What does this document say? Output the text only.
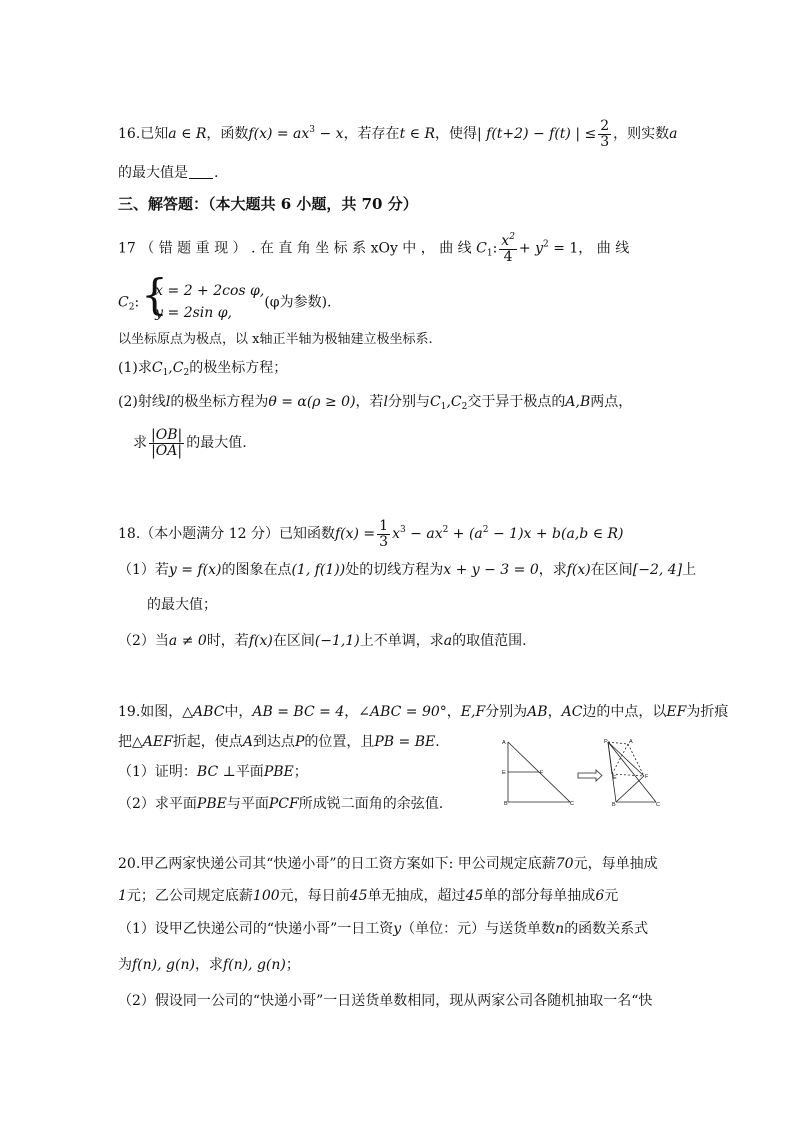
16.已知a ∈ R，函数$f(x) = ax^3 - x$，若存在t ∈ R，使得| f(t+2) − f(t) | ≤ $\frac{2}{3}$ ，则实数a
的最大值是 .
三、解答题：（本大题共 6 小题，共 70 分）
17 （ 错 题 重 现 ） . 在 直 角 坐 标 系 xOy 中 ， 曲 线 $C_1$: $\frac{x^2}{4} + y^2 = 1$， 曲 线
$C_2$: {
x = 2 + 2cos φ,
y = 2sin φ,
(φ为参数).
以坐标原点为极点，以 x轴正半轴为极轴建立极坐标系.
(1)求$C_1,C_2$的极坐标方程；
(2)射线l的极坐标方程为θ = α(ρ ≥ 0)，若l分别与$C_1,C_2$交于异于极点的A,B两点，
求 $\frac{|OB|}{|OA|}$ 的最大值.
18.（本小题满分 12 分）已知函数$f(x) = \frac{1}{3} x^3 - ax^2 + (a^2 - 1)x + b(a,b$ ∈ R)
（1）若y = f(x)的图象在点(1, f(1))处的切线方程为x + y − 3 = 0，求f(x)在区间[−2, 4]上
的最大值；
（2）当a ≠ 0时，若f(x)在区间(−1,1)上不单调，求a的取值范围.
19.如图，△ABC中，AB = BC = 4，∠ABC = 90°，E,F分别为AB，AC边的中点，以EF为折痕
把△AEF折起，使点A到达点P的位置，且PB = BE.
（1）证明：BC ⊥平面PBE；
（2）求平面PBE与平面PCF所成锐二面角的余弦值.
A
E	F
B	C
P	A
E	F
B	C
20.甲乙两家快递公司其“快递小哥”的日工资方案如下: 甲公司规定底薪70元，每单抽成
1元；乙公司规定底薪100元，每日前45单无抽成，超过45单的部分每单抽成6元
（1）设甲乙快递公司的“快递小哥”一日工资y（单位：元）与送货单数n的函数关系式
为f(n), g(n)，求f(n), g(n)；
（2）假设同一公司的“快递小哥”一日送货单数相同，现从两家公司各随机抽取一名“快
